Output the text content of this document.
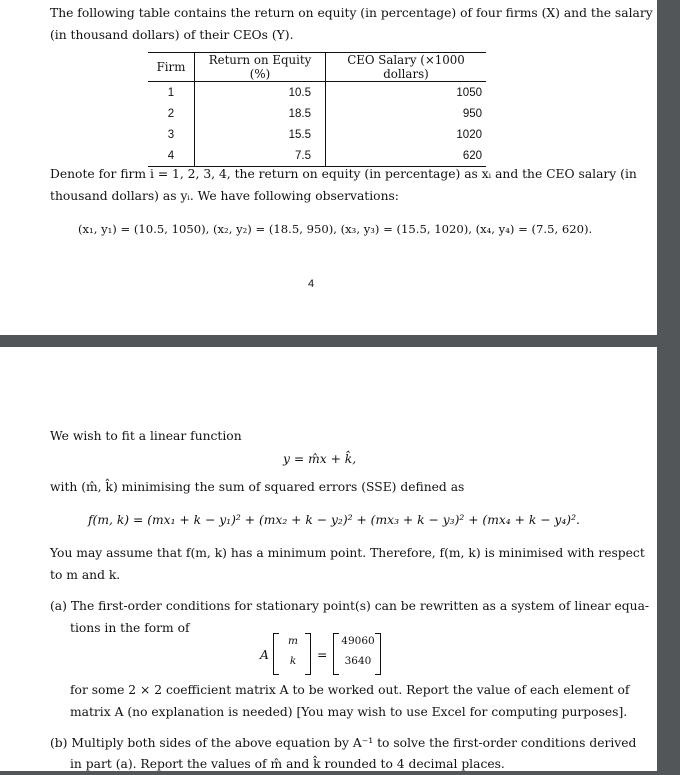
The following table contains the return on equity (in percentage) of four firms (X) and the salary
(in thousand dollars) of their CEOs (Y).
Firm	Return on Equity (%)	CEO Salary (×1000 dollars)
1	10.5	1050
2	18.5	950
3	15.5	1020
4	7.5	620
Denote for firm i = 1, 2, 3, 4, the return on equity (in percentage) as xᵢ and the CEO salary (in
thousand dollars) as yᵢ. We have following observations:
(x₁, y₁) = (10.5, 1050), (x₂, y₂) = (18.5, 950), (x₃, y₃) = (15.5, 1020), (x₄, y₄) = (7.5, 620).
4
We wish to fit a linear function
y = m̂x + k̂,
with (m̂, k̂) minimising the sum of squared errors (SSE) defined as
f(m, k) = (mx₁ + k − y₁)² + (mx₂ + k − y₂)² + (mx₃ + k − y₃)² + (mx₄ + k − y₄)².
You may assume that f(m, k) has a minimum point. Therefore, f(m, k) is minimised with respect
to m and k.
(a) The first-order conditions for stationary point(s) can be rewritten as a system of linear equa-
tions in the form of
A
m
k	=
49060
3640
for some 2 × 2 coefficient matrix A to be worked out. Report the value of each element of
matrix A (no explanation is needed) [You may wish to use Excel for computing purposes].
(b) Multiply both sides of the above equation by A⁻¹ to solve the first-order conditions derived
in part (a). Report the values of m̂ and k̂ rounded to 4 decimal places.
